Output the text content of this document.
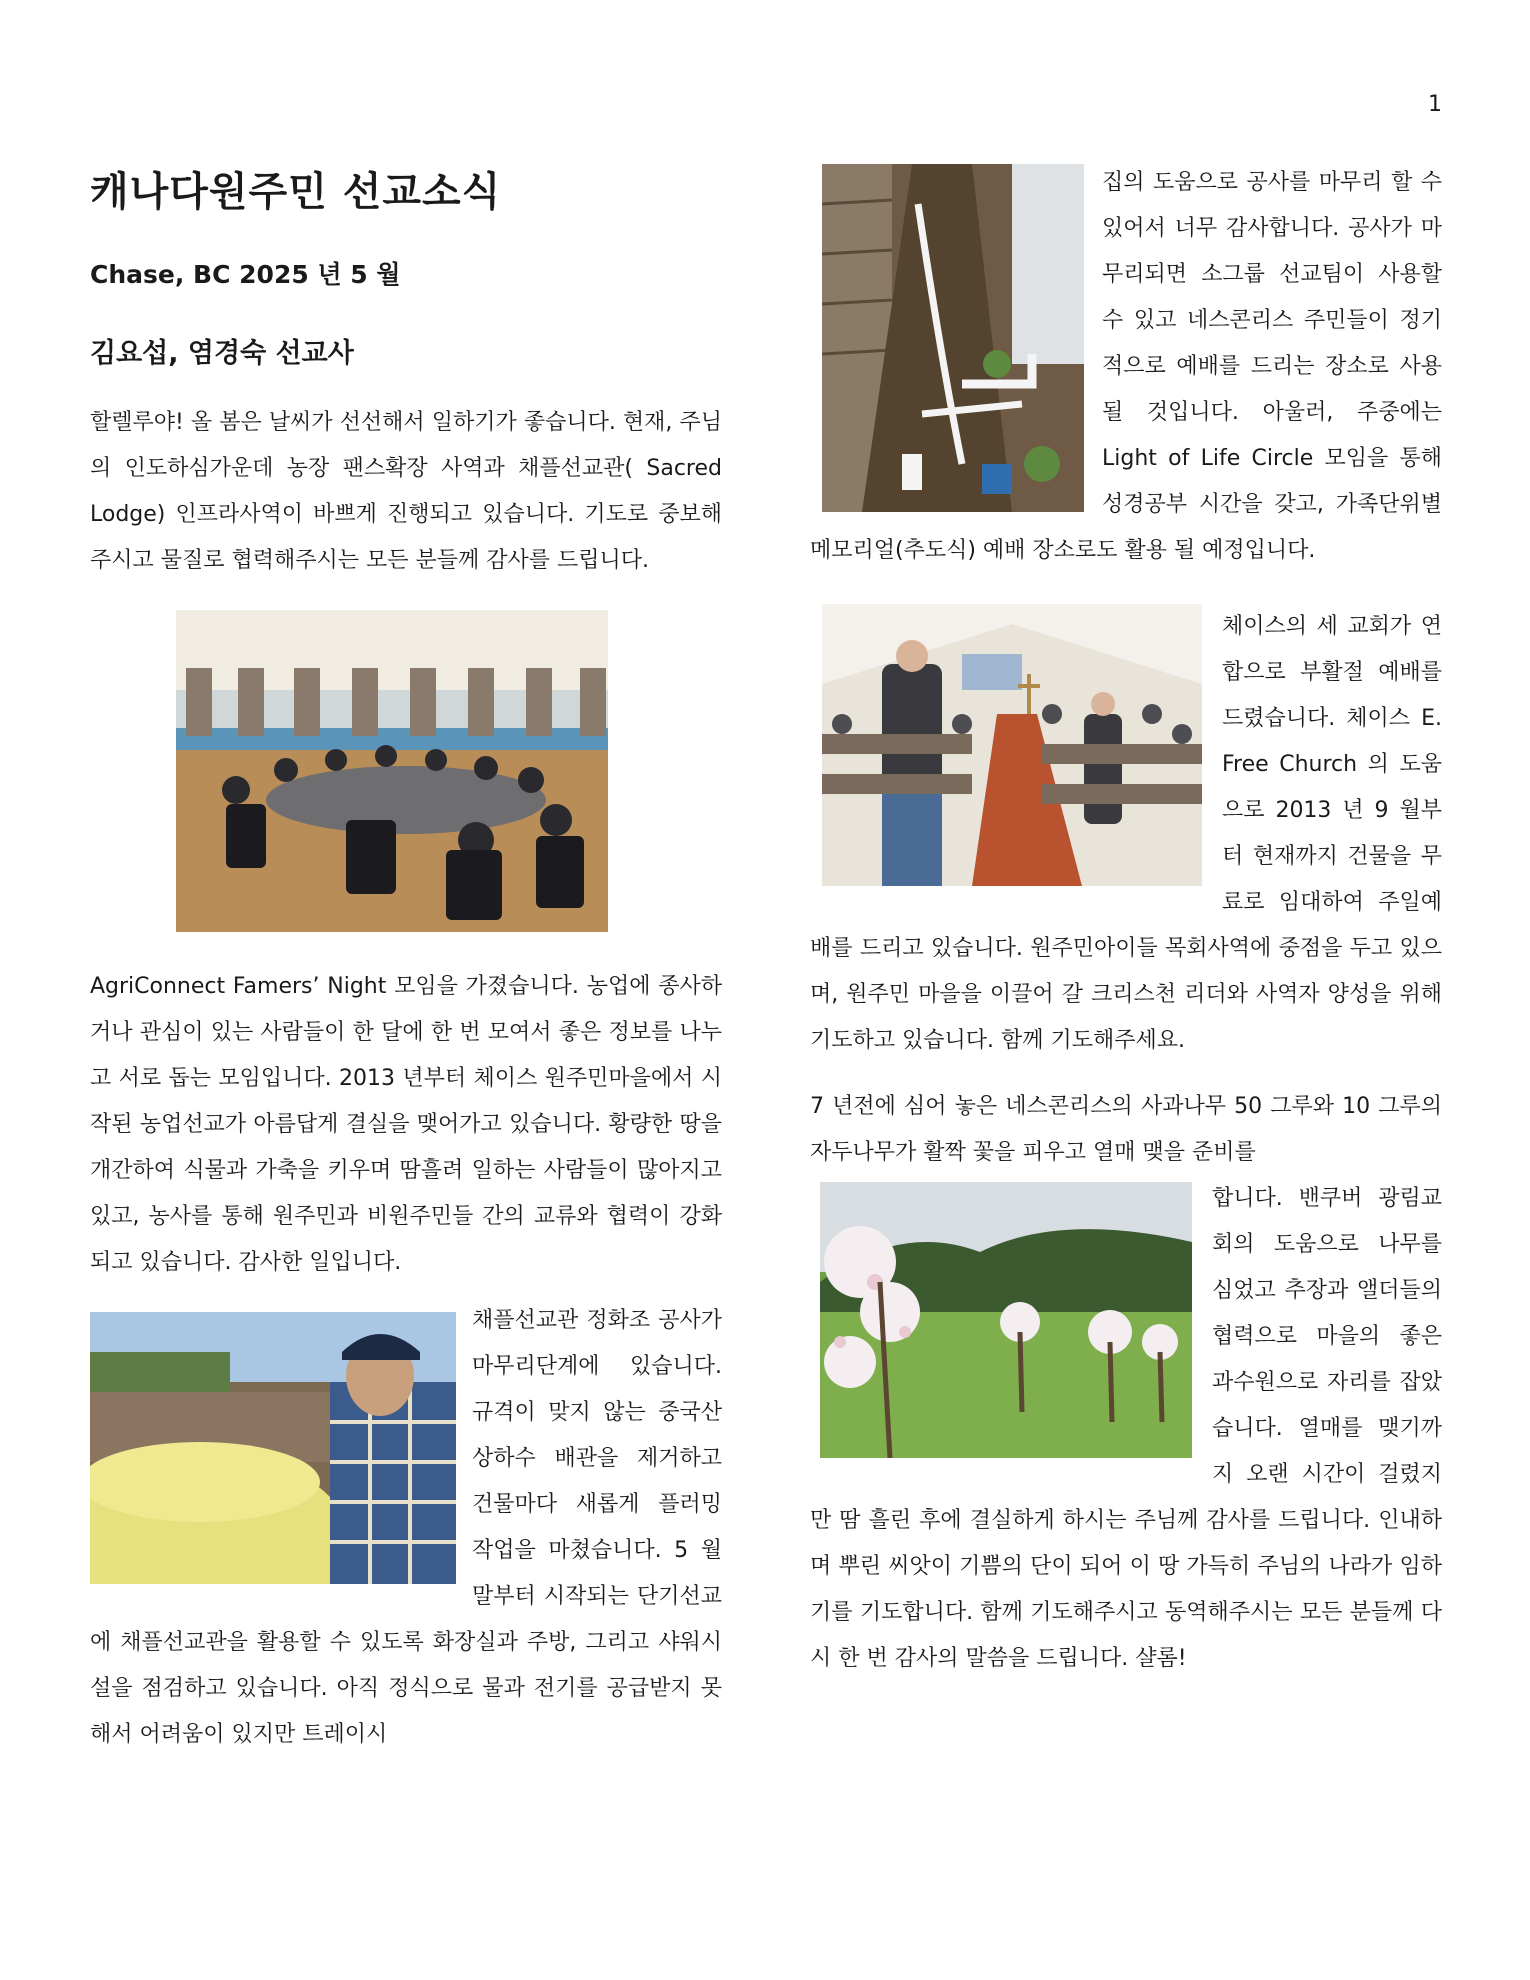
1
캐나다원주민 선교소식
Chase, BC 2025 년 5 월
김요섭, 염경숙 선교사

할렐루야! 올 봄은 날씨가 선선해서 일하기가 좋습니다. 현재, 주님의 인도하심가운데 농장 팬스확장 사역과 채플선교관( Sacred Lodge) 인프라사역이 바쁘게 진행되고 있습니다. 기도로 중보해주시고 물질로 협력해주시는 모든 분들께 감사를 드립니다.

AgriConnect Famers’ Night 모임을 가졌습니다. 농업에 종사하거나 관심이 있는 사람들이 한 달에 한 번 모여서 좋은 정보를 나누고 서로 돕는 모임입니다. 2013 년부터 체이스 원주민마을에서 시작된 농업선교가 아름답게 결실을 맺어가고 있습니다. 황량한 땅을 개간하여 식물과 가축을 키우며 땀흘려 일하는 사람들이 많아지고 있고, 농사를 통해 원주민과 비원주민들 간의 교류와 협력이 강화되고 있습니다. 감사한 일입니다.

채플선교관 정화조 공사가 마무리단계에 있습니다. 규격이 맞지 않는 중국산 상하수 배관을 제거하고 건물마다 새롭게 플러밍 작업을 마쳤습니다. 5 월말부터 시작되는 단기선교에 채플선교관을 활용할 수 있도록 화장실과 주방, 그리고 샤워시설을 점검하고 있습니다. 아직 정식으로 물과 전기를 공급받지 못해서 어려움이 있지만 트레이시

집의 도움으로 공사를 마무리 할 수 있어서 너무 감사합니다. 공사가 마무리되면 소그룹 선교팀이 사용할 수 있고 네스콘리스 주민들이 정기적으로 예배를 드리는 장소로 사용 될 것입니다. 아울러, 주중에는 Light of Life Circle 모임을 통해 성경공부 시간을 갖고, 가족단위별 메모리얼(추도식) 예배 장소로도 활용 될 예정입니다.

체이스의 세 교회가 연합으로 부활절 예배를 드렸습니다. 체이스 E. Free Church 의 도움으로 2013 년 9 월부터 현재까지 건물을 무료로 임대하여 주일예배를 드리고 있습니다. 원주민아이들 목회사역에 중점을 두고 있으며, 원주민 마을을 이끌어 갈 크리스천 리더와 사역자 양성을 위해 기도하고 있습니다. 함께 기도해주세요.

7 년전에 심어 놓은 네스콘리스의 사과나무 50 그루와 10 그루의 자두나무가 활짝 꽃을 피우고 열매 맺을 준비를

합니다. 밴쿠버 광림교회의 도움으로 나무를 심었고 추장과 앨더들의 협력으로 마을의 좋은 과수원으로 자리를 잡았습니다. 열매를 맺기까지 오랜 시간이 걸렸지만 땀 흘린 후에 결실하게 하시는 주님께 감사를 드립니다. 인내하며 뿌린 씨앗이 기쁨의 단이 되어 이 땅 가득히 주님의 나라가 임하기를 기도합니다. 함께 기도해주시고 동역해주시는 모든 분들께 다시 한 번 감사의 말씀을 드립니다. 샬롬!
